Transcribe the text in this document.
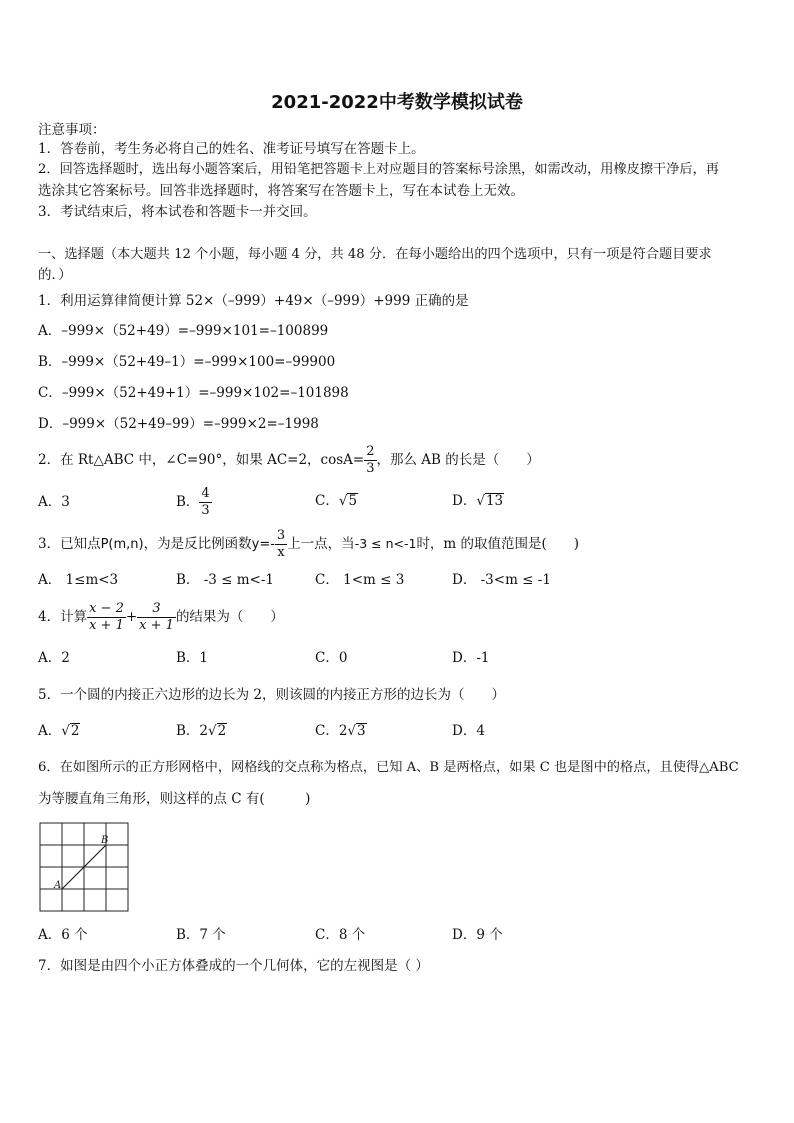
2021-2022中考数学模拟试卷
注意事项：
1．答卷前，考生务必将自己的姓名、准考证号填写在答题卡上。
2．回答选择题时，选出每小题答案后，用铅笔把答题卡上对应题目的答案标号涂黑，如需改动，用橡皮擦干净后，再
选涂其它答案标号。回答非选择题时，将答案写在答题卡上，写在本试卷上无效。
3．考试结束后，将本试卷和答题卡一并交回。
一、选择题（本大题共 12 个小题，每小题 4 分，共 48 分．在每小题给出的四个选项中，只有一项是符合题目要求
的．）
1．利用运算律简便计算 52×（–999）+49×（–999）+999 正确的是
A．–999×（52+49）=–999×101=–100899
B．–999×（52+49–1）=–999×100=–99900
C．–999×（52+49+1）=–999×102=–101898
D．–999×（52+49–99）=–999×2=–1998
2．在 Rt△ABC 中，∠C=90°，如果 AC=2，$\cos A= \frac{2}{3}$ ，那么 AB 的长是（　　）
A．3	B． $\frac{4}{3}$	C．√5	D．√13
3．已知点P(m,n)，为是反比例函数$y=- \frac{3}{x}$ 上一点，当-3 ≤ n<-1时，m 的取值范围是(　　)
A． 1≤m<3	B． -3 ≤ m<-1	C． 1<m ≤ 3	D． -3<m ≤ -1
4．计算 $\frac{x - 2}{x + 1} + \frac{3}{x + 1}$ 的结果为（　　）
A．2	B．1	C．0	D．-1
5．一个圆的内接正六边形的边长为 2，则该圆的内接正方形的边长为（　　）
A．√2	B．2√2	C．2√3	D．4
6．在如图所示的正方形网格中，网格线的交点称为格点，已知 A、B 是两格点，如果 C 也是图中的格点，且使得△ABC
为等腰直角三角形，则这样的点 C 有(　　　)
A
B
A．6 个	B．7 个	C．8 个	D．9 个
7．如图是由四个小正方体叠成的一个几何体，它的左视图是（ ）
